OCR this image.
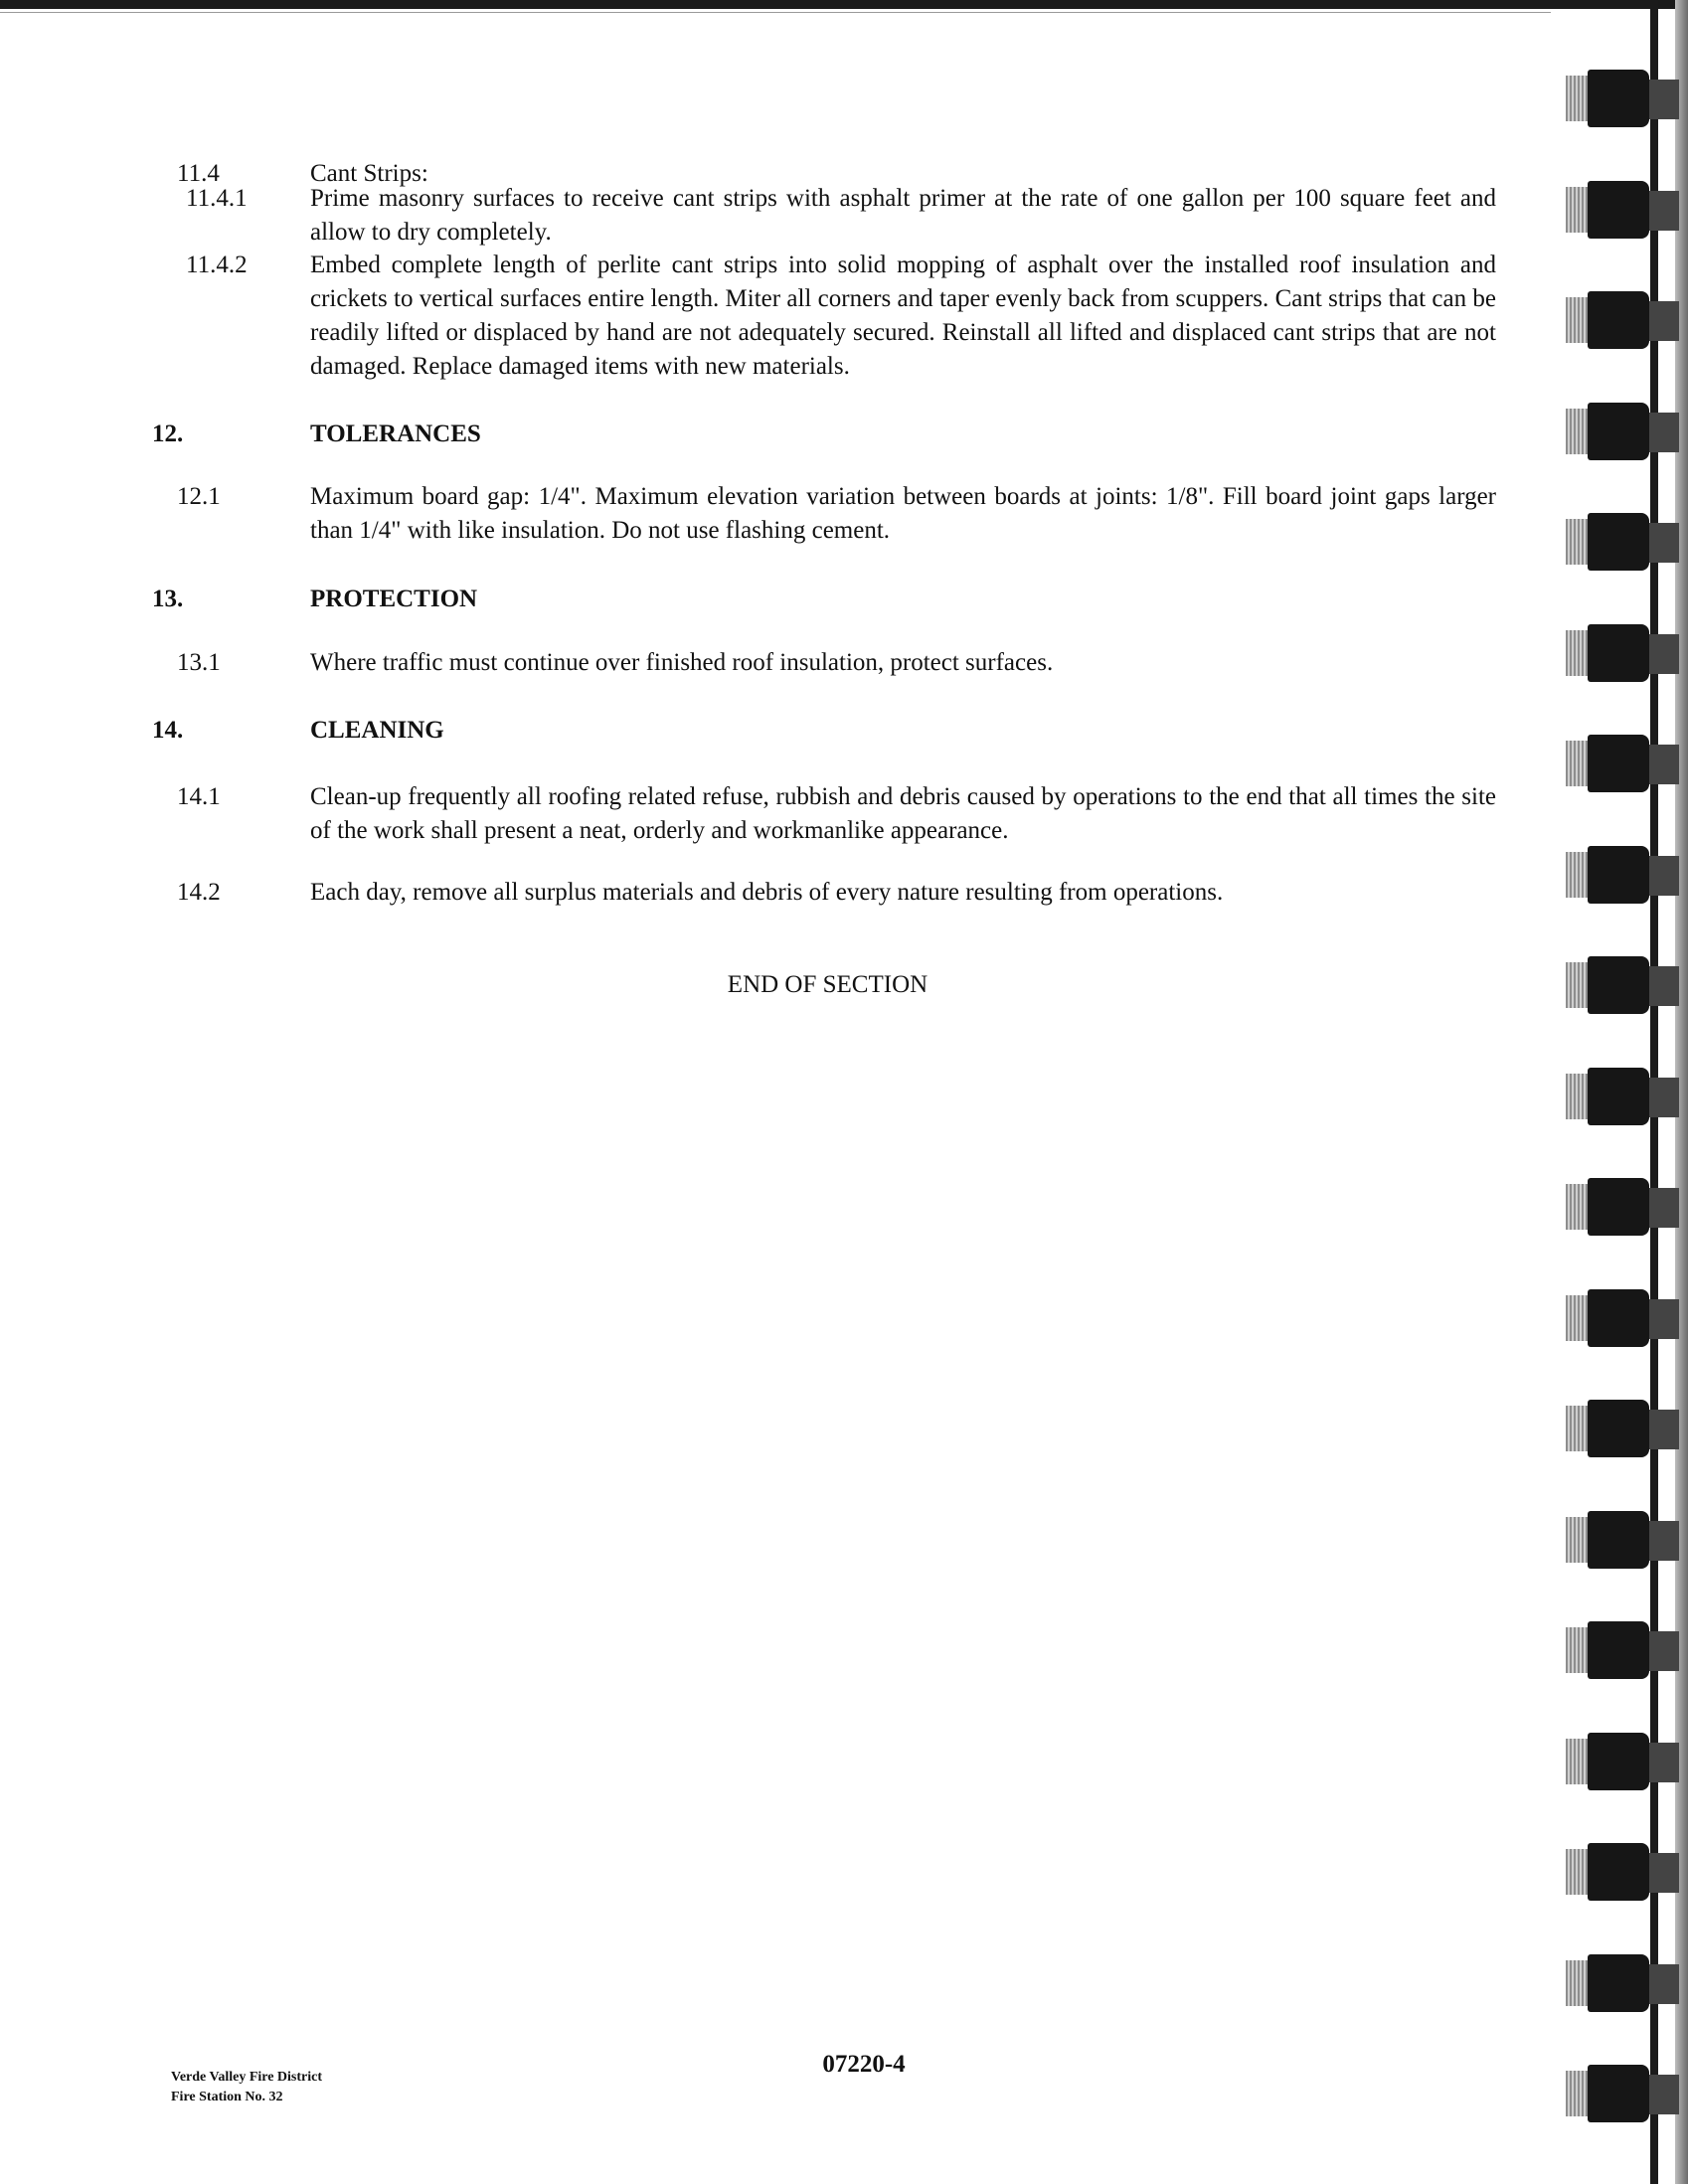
11.4	Cant Strips:
11.4.1	Prime masonry surfaces to receive cant strips with asphalt primer at the rate of one gallon per 100 square feet and allow to dry completely.
11.4.2	Embed complete length of perlite cant strips into solid mopping of asphalt over the installed roof insulation and crickets to vertical surfaces entire length. Miter all corners and taper evenly back from scuppers. Cant strips that can be readily lifted or displaced by hand are not adequately secured. Reinstall all lifted and displaced cant strips that are not damaged. Replace damaged items with new materials.
12.	TOLERANCES
12.1	Maximum board gap: 1/4". Maximum elevation variation between boards at joints: 1/8". Fill board joint gaps larger than 1/4" with like insulation. Do not use flashing cement.
13.	PROTECTION
13.1	Where traffic must continue over finished roof insulation, protect surfaces.
14.	CLEANING
14.1	Clean-up frequently all roofing related refuse, rubbish and debris caused by operations to the end that all times the site of the work shall present a neat, orderly and workmanlike appearance.
14.2	Each day, remove all surplus materials and debris of every nature resulting from operations.
END OF SECTION
Verde Valley Fire District
Fire Station No. 32
07220-4
